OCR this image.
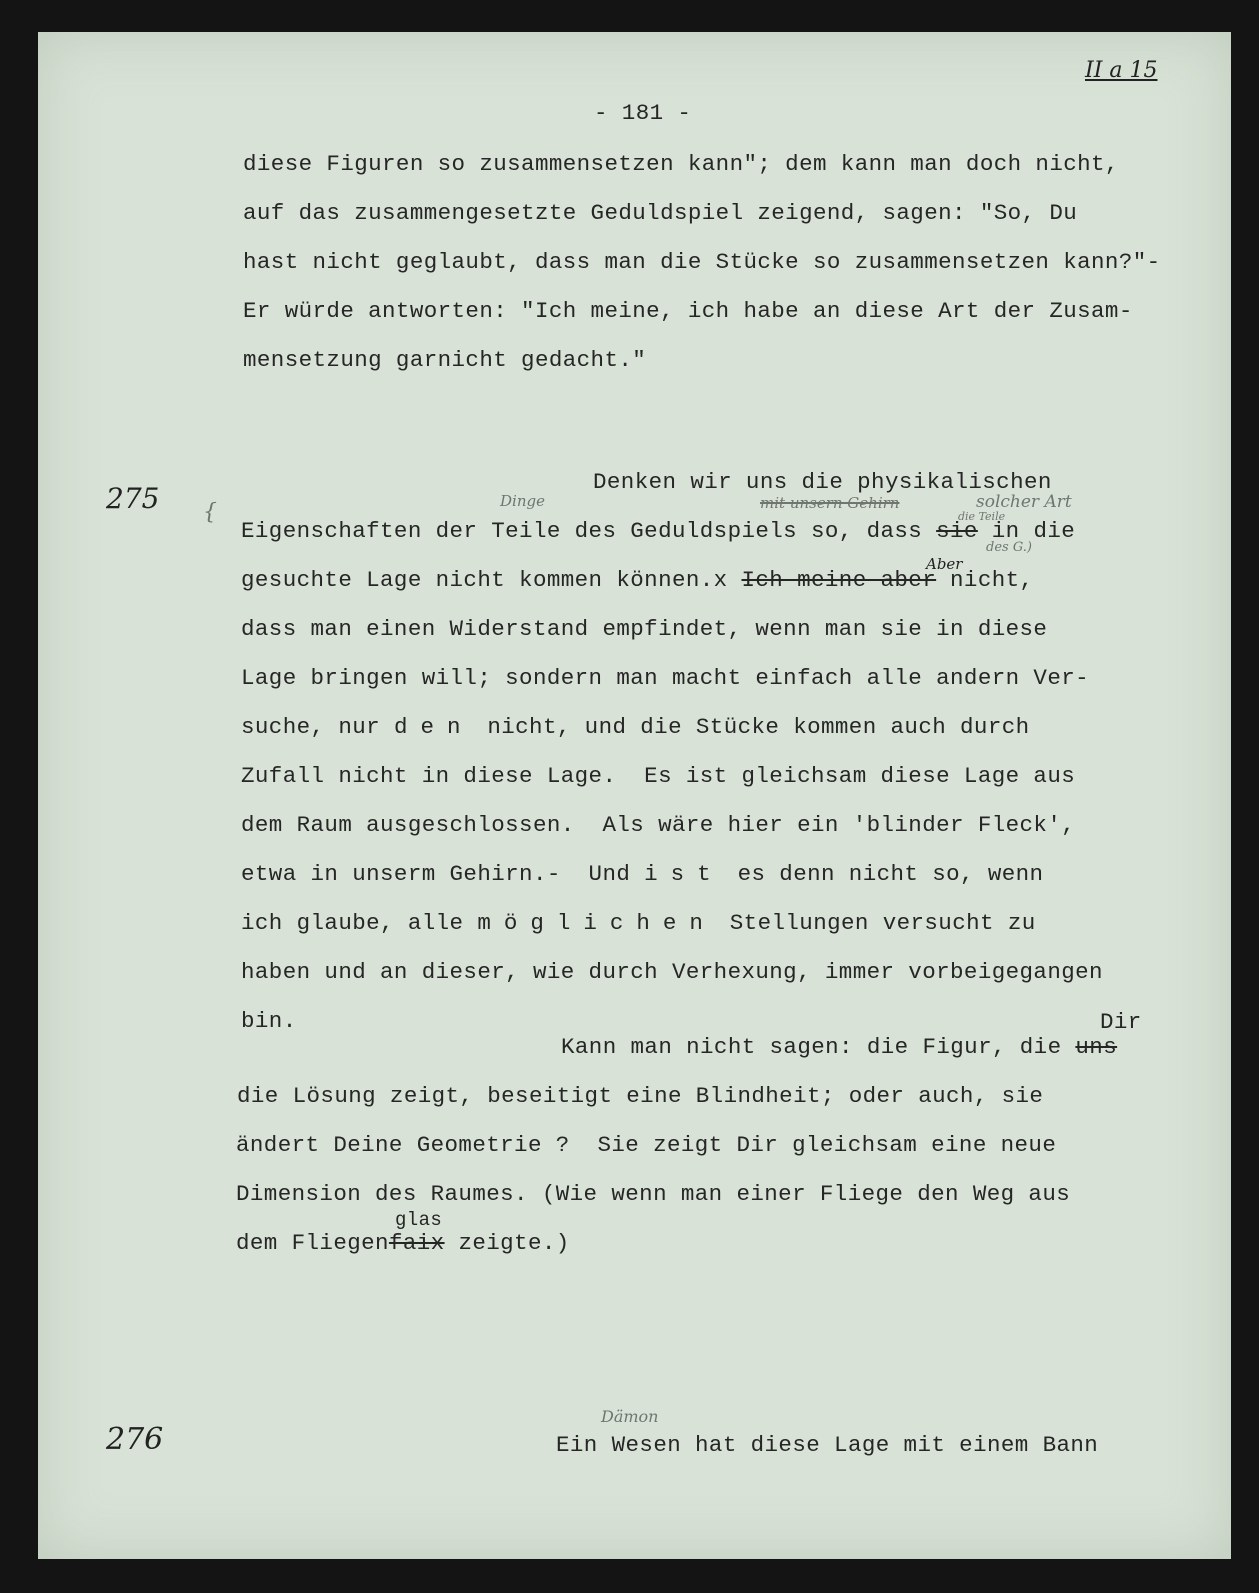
II a 15
- 181 -
diese Figuren so zusammensetzen kann"; dem kann man doch nicht,
auf das zusammengesetzte Geduldspiel zeigend, sagen: "So, Du
hast nicht geglaubt, dass man die Stücke so zusammensetzen kann?"-
Er würde antworten: "Ich meine, ich habe an diese Art der Zusam-
mensetzung garnicht gedacht."
275 {
Denken wir uns die physikalischen
Dinge	mit unsern Gehirn	solcher Art
die Teile
des G.)
Aber
Eigenschaften der Teile des Geduldspiels so, dass sie in die
gesuchte Lage nicht kommen können.x Ich meine aber nicht,
dass man einen Widerstand empfindet, wenn man sie in diese
Lage bringen will; sondern man macht einfach alle andern Ver-
suche, nur den nicht, und die Stücke kommen auch durch
Zufall nicht in diese Lage.  Es ist gleichsam diese Lage aus
dem Raum ausgeschlossen.  Als wäre hier ein 'blinder Fleck',
etwa in unserm Gehirn.-  Und ist es denn nicht so, wenn
ich glaube, alle möglichen Stellungen versucht zu
haben und an dieser, wie durch Verhexung, immer vorbeigegangen
bin.	Dir
Kann man nicht sagen: die Figur, die uns
die Lösung zeigt, beseitigt eine Blindheit; oder auch, sie
ändert Deine Geometrie ?  Sie zeigt Dir gleichsam eine neue
Dimension des Raumes. (Wie wenn man einer Fliege den Weg aus
glas
dem Fliegenfaix zeigte.)
276
Dämon
Ein Wesen hat diese Lage mit einem Bann
